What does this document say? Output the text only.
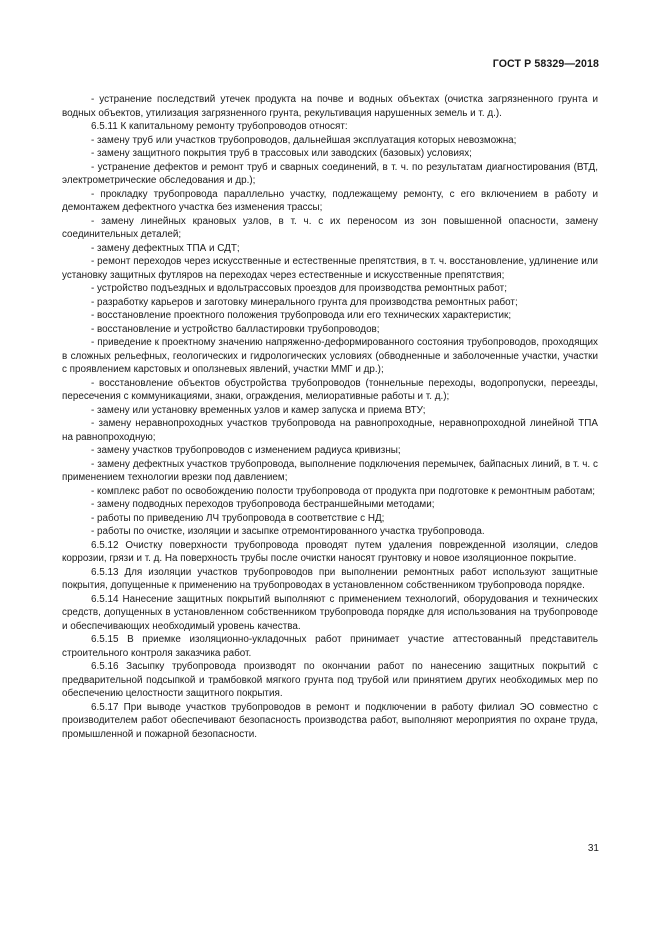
ГОСТ Р 58329—2018

- устранение последствий утечек продукта на почве и водных объектах (очистка загрязненного грунта и водных объектов, утилизация загрязненного грунта, рекультивация нарушенных земель и т. д.).

6.5.11 К капитальному ремонту трубопроводов относят:

- замену труб или участков трубопроводов, дальнейшая эксплуатация которых невозможна;

- замену защитного покрытия труб в трассовых или заводских (базовых) условиях;

- устранение дефектов и ремонт труб и сварных соединений, в т. ч. по результатам диагностирования (ВТД, электрометрические обследования и др.);

- прокладку трубопровода параллельно участку, подлежащему ремонту, с его включением в работу и демонтажем дефектного участка без изменения трассы;

- замену линейных крановых узлов, в т. ч. с их переносом из зон повышенной опасности, замену соединительных деталей;

- замену дефектных ТПА и СДТ;

- ремонт переходов через искусственные и естественные препятствия, в т. ч. восстановление, удлинение или установку защитных футляров на переходах через естественные и искусственные препятствия;

- устройство подъездных и вдольтрассовых проездов для производства ремонтных работ;

- разработку карьеров и заготовку минерального грунта для производства ремонтных работ;

- восстановление проектного положения трубопровода или его технических характеристик;

- восстановление и устройство балластировки трубопроводов;

- приведение к проектному значению напряженно-деформированного состояния трубопроводов, проходящих в сложных рельефных, геологических и гидрологических условиях (обводненные и заболоченные участки, участки с проявлением карстовых и оползневых явлений, участки ММГ и др.);

- восстановление объектов обустройства трубопроводов (тоннельные переходы, водопропуски, переезды, пересечения с коммуникациями, знаки, ограждения, мелиоративные работы и т. д.);

- замену или установку временных узлов и камер запуска и приема ВТУ;

- замену неравнопроходных участков трубопровода на равнопроходные, неравнопроходной линейной ТПА на равнопроходную;

- замену участков трубопроводов с изменением радиуса кривизны;

- замену дефектных участков трубопровода, выполнение подключения перемычек, байпасных линий, в т. ч. с применением технологии врезки под давлением;

- комплекс работ по освобождению полости трубопровода от продукта при подготовке к ремонтным работам;

- замену подводных переходов трубопровода бестраншейными методами;

- работы по приведению ЛЧ трубопровода в соответствие с НД;

- работы по очистке, изоляции и засыпке отремонтированного участка трубопровода.

6.5.12 Очистку поверхности трубопровода проводят путем удаления поврежденной изоляции, следов коррозии, грязи и т. д. На поверхность трубы после очистки наносят грунтовку и новое изоляционное покрытие.

6.5.13 Для изоляции участков трубопроводов при выполнении ремонтных работ используют защитные покрытия, допущенные к применению на трубопроводах в установленном собственником трубопровода порядке.

6.5.14 Нанесение защитных покрытий выполняют с применением технологий, оборудования и технических средств, допущенных в установленном собственником трубопровода порядке для использования на трубопроводе и обеспечивающих необходимый уровень качества.

6.5.15 В приемке изоляционно-укладочных работ принимает участие аттестованный представитель строительного контроля заказчика работ.

6.5.16 Засыпку трубопровода производят по окончании работ по нанесению защитных покрытий с предварительной подсыпкой и трамбовкой мягкого грунта под трубой или принятием других необходимых мер по обеспечению целостности защитного покрытия.

6.5.17 При выводе участков трубопроводов в ремонт и подключении в работу филиал ЭО совместно с производителем работ обеспечивают безопасность производства работ, выполняют мероприятия по охране труда, промышленной и пожарной безопасности.

31
